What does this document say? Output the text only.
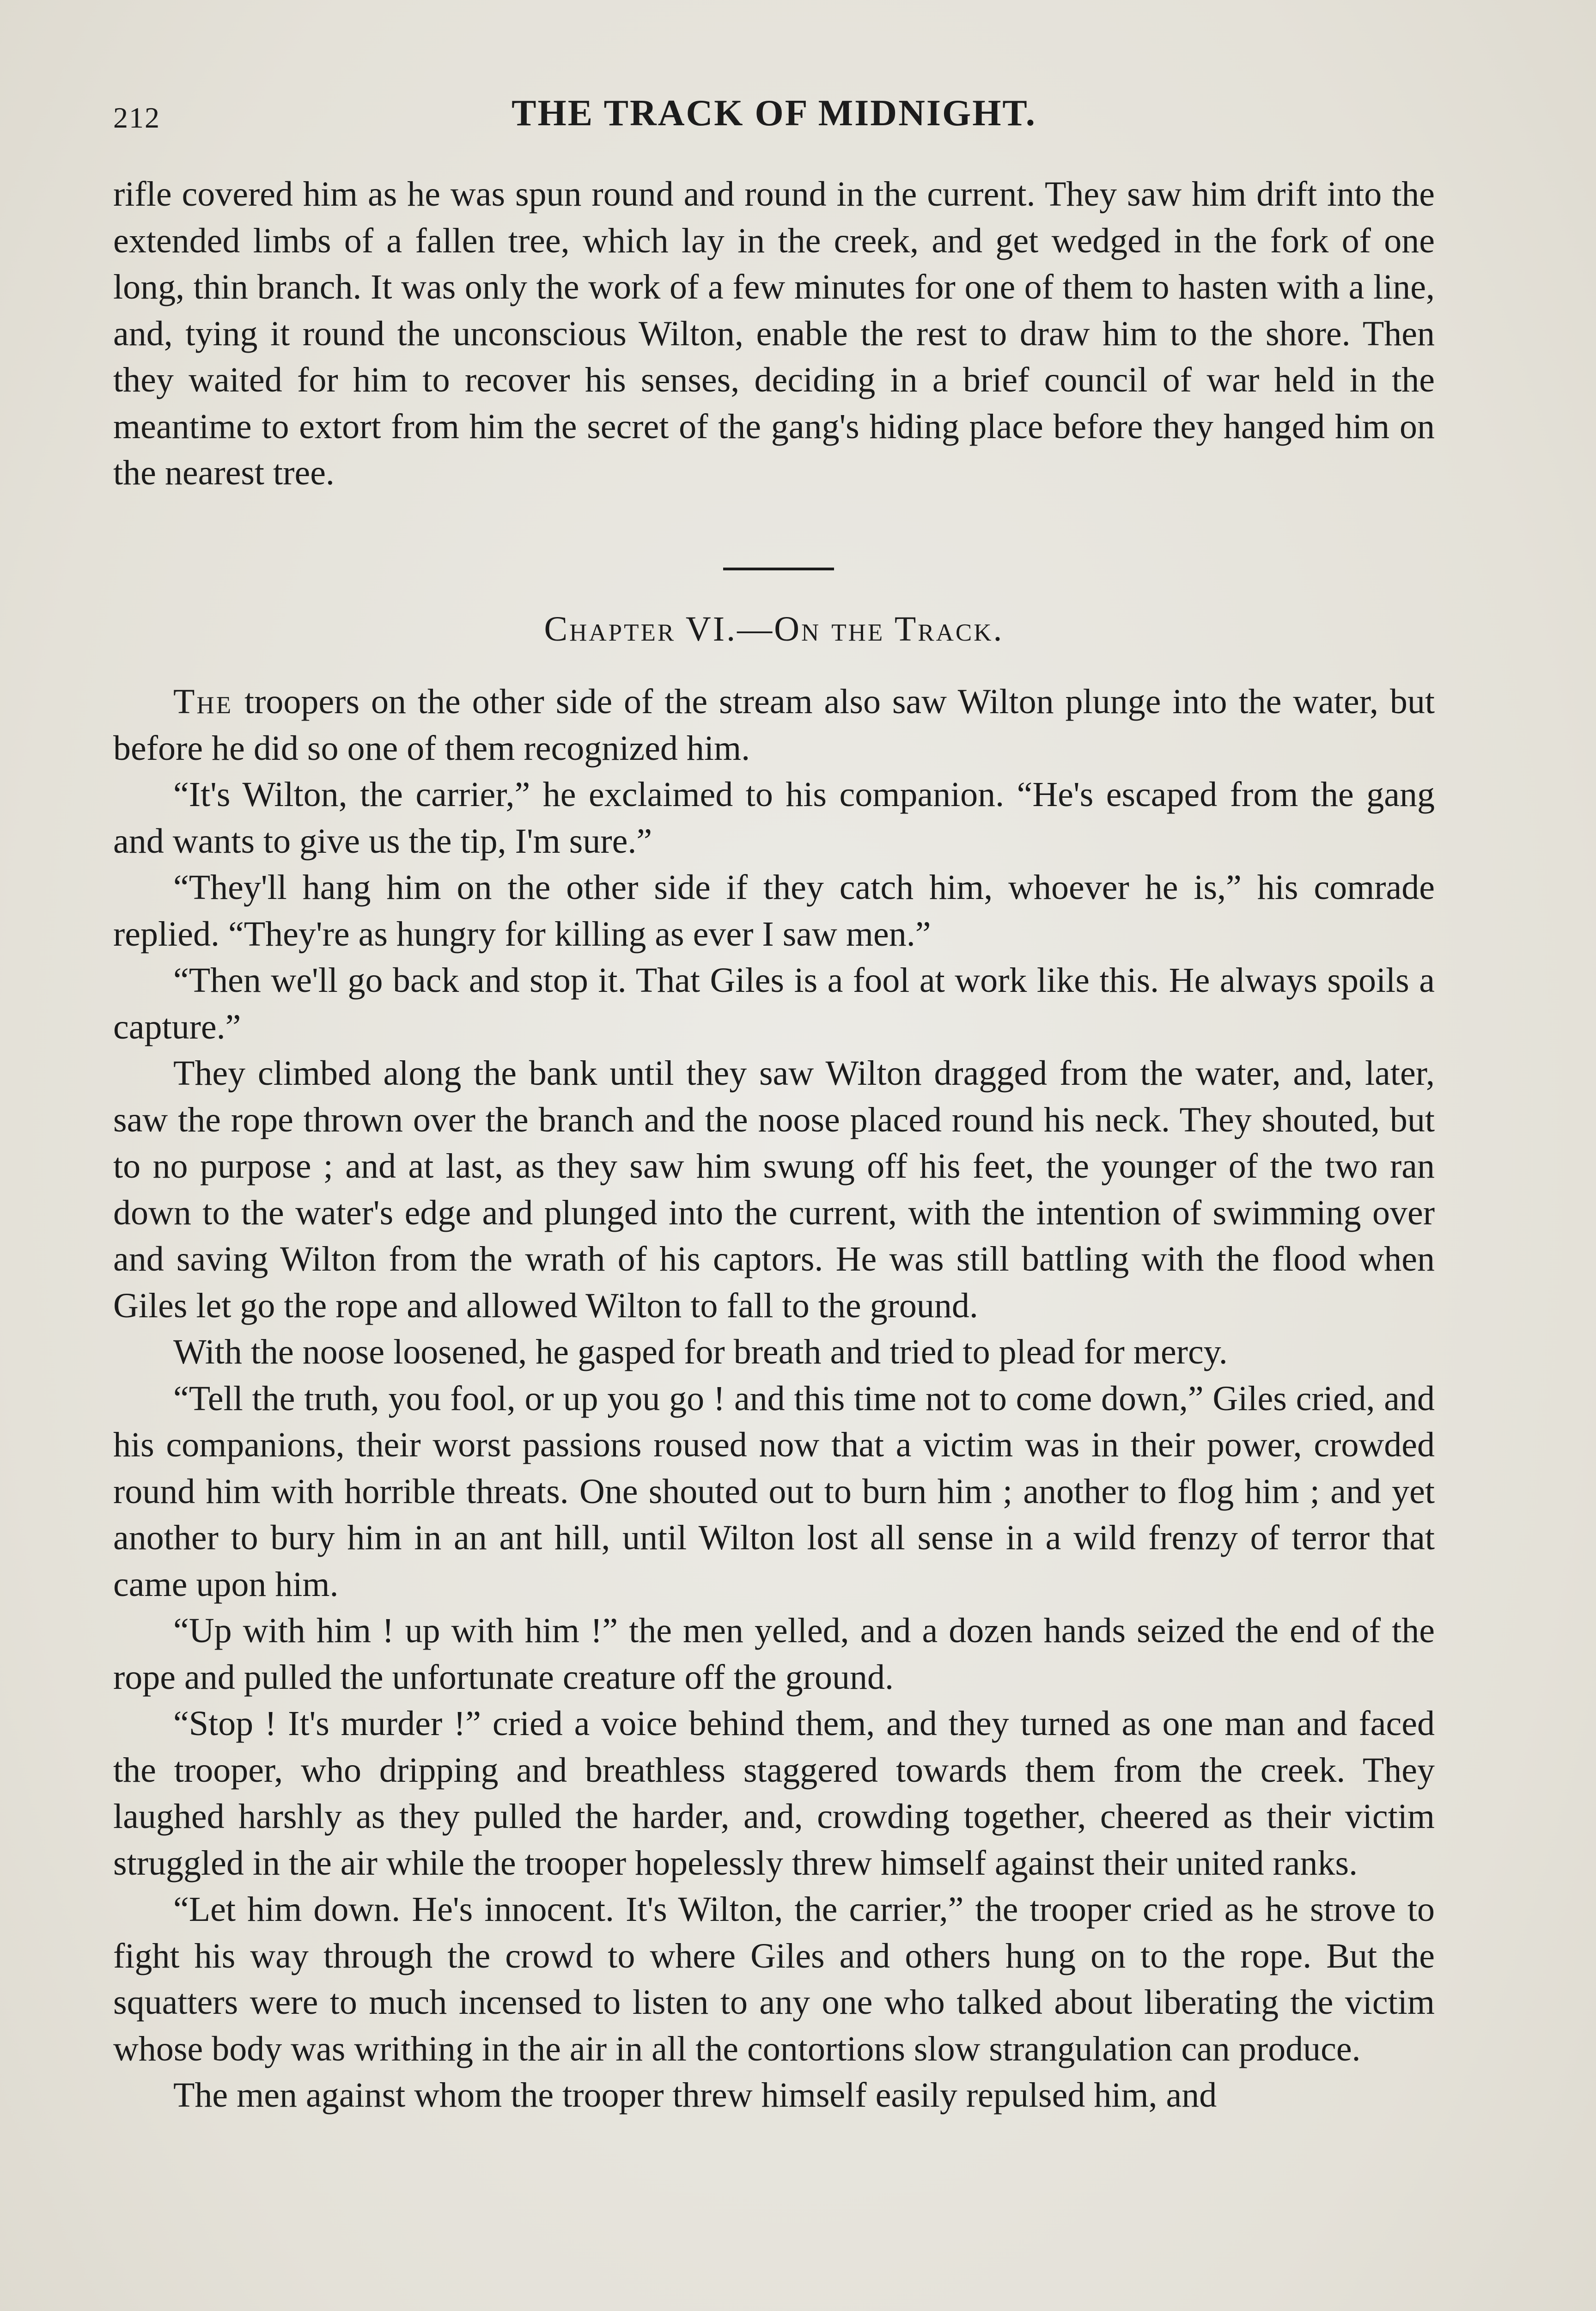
212	THE TRACK OF MIDNIGHT.

rifle covered him as he was spun round and round in the current. They saw him drift into the extended limbs of a fallen tree, which lay in the creek, and get wedged in the fork of one long, thin branch. It was only the work of a few minutes for one of them to hasten with a line, and, tying it round the unconscious Wilton, enable the rest to draw him to the shore. Then they waited for him to recover his senses, deciding in a brief council of war held in the meantime to extort from him the secret of the gang's hiding place before they hanged him on the nearest tree.

Chapter VI.—On the Track.

The troopers on the other side of the stream also saw Wilton plunge into the water, but before he did so one of them recognized him.

“It's Wilton, the carrier,” he exclaimed to his companion. “He's escaped from the gang and wants to give us the tip, I'm sure.”

“They'll hang him on the other side if they catch him, whoever he is,” his comrade replied. “They're as hungry for killing as ever I saw men.”

“Then we'll go back and stop it. That Giles is a fool at work like this. He always spoils a capture.”

They climbed along the bank until they saw Wilton dragged from the water, and, later, saw the rope thrown over the branch and the noose placed round his neck. They shouted, but to no purpose ; and at last, as they saw him swung off his feet, the younger of the two ran down to the water's edge and plunged into the current, with the intention of swimming over and saving Wilton from the wrath of his captors. He was still battling with the flood when Giles let go the rope and allowed Wilton to fall to the ground.

With the noose loosened, he gasped for breath and tried to plead for mercy.

“Tell the truth, you fool, or up you go ! and this time not to come down,” Giles cried, and his companions, their worst passions roused now that a victim was in their power, crowded round him with horrible threats. One shouted out to burn him ; another to flog him ; and yet another to bury him in an ant hill, until Wilton lost all sense in a wild frenzy of terror that came upon him.

“Up with him ! up with him !” the men yelled, and a dozen hands seized the end of the rope and pulled the unfortunate creature off the ground.

“Stop ! It's murder !” cried a voice behind them, and they turned as one man and faced the trooper, who dripping and breathless staggered towards them from the creek. They laughed harshly as they pulled the harder, and, crowding together, cheered as their victim struggled in the air while the trooper hopelessly threw himself against their united ranks.

“Let him down. He's innocent. It's Wilton, the carrier,” the trooper cried as he strove to fight his way through the crowd to where Giles and others hung on to the rope. But the squatters were to much incensed to listen to any one who talked about liberating the victim whose body was writhing in the air in all the contortions slow strangulation can produce.

The men against whom the trooper threw himself easily repulsed him, and
